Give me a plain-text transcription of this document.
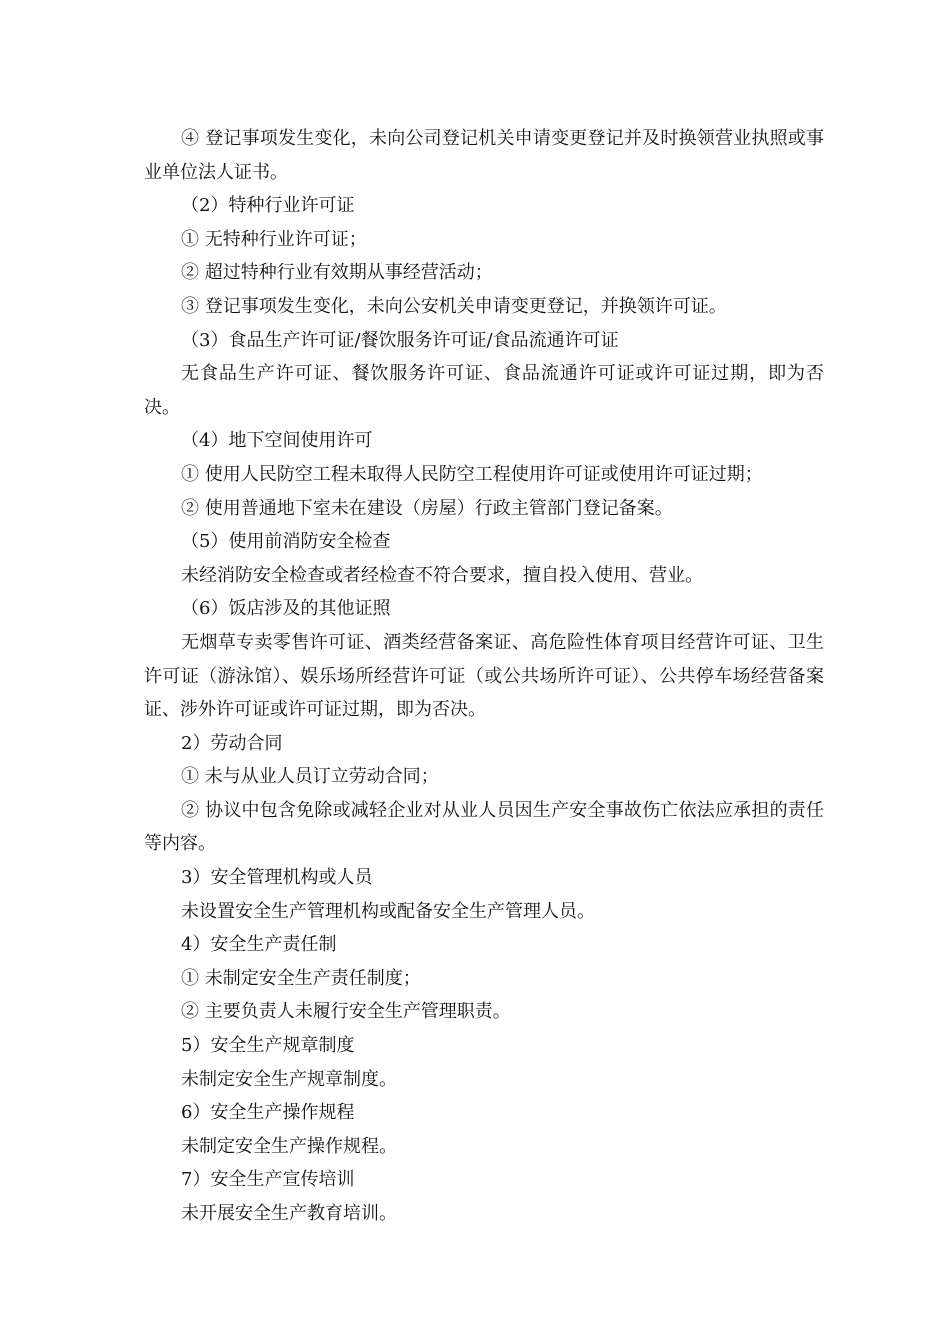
④ 登记事项发生变化，未向公司登记机关申请变更登记并及时换领营业执照或事业单位法人证书。

（2）特种行业许可证

① 无特种行业许可证；

② 超过特种行业有效期从事经营活动；

③ 登记事项发生变化，未向公安机关申请变更登记，并换领许可证。

（3）食品生产许可证/餐饮服务许可证/食品流通许可证

无食品生产许可证、餐饮服务许可证、食品流通许可证或许可证过期，即为否决。

（4）地下空间使用许可

① 使用人民防空工程未取得人民防空工程使用许可证或使用许可证过期；

② 使用普通地下室未在建设（房屋）行政主管部门登记备案。

（5）使用前消防安全检查

未经消防安全检查或者经检查不符合要求，擅自投入使用、营业。

（6）饭店涉及的其他证照

无烟草专卖零售许可证、酒类经营备案证、高危险性体育项目经营许可证、卫生许可证（游泳馆）、娱乐场所经营许可证（或公共场所许可证）、公共停车场经营备案证、涉外许可证或许可证过期，即为否决。

2）劳动合同

① 未与从业人员订立劳动合同；

② 协议中包含免除或减轻企业对从业人员因生产安全事故伤亡依法应承担的责任等内容。

3）安全管理机构或人员

未设置安全生产管理机构或配备安全生产管理人员。

4）安全生产责任制

① 未制定安全生产责任制度；

② 主要负责人未履行安全生产管理职责。

5）安全生产规章制度

未制定安全生产规章制度。

6）安全生产操作规程

未制定安全生产操作规程。

7）安全生产宣传培训

未开展安全生产教育培训。
